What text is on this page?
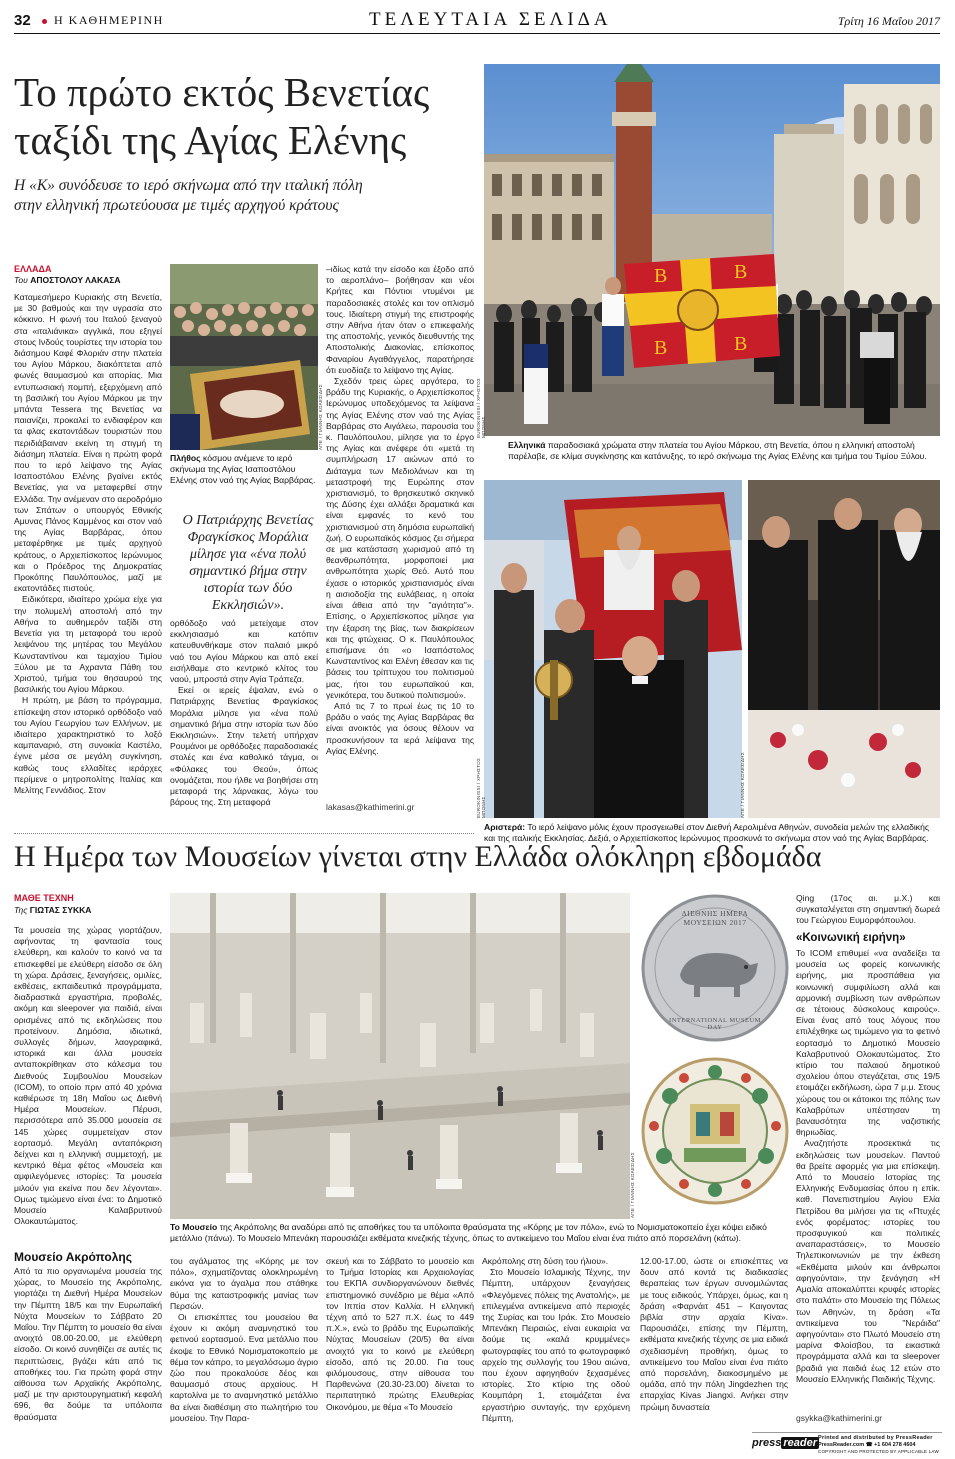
32 Η ΚΑΘΗΜΕΡΙΝΗ	ΤΕΛΕΥΤΑΙΑ ΣΕΛΙΔΑ	Τρίτη 16 Μαΐου 2017
Το πρώτο εκτός Βενετίας
ταξίδι της Αγίας Ελένης
Η «Κ» συνόδευσε το ιερό σκήνωμα από την ιταλική πόλη
στην ελληνική πρωτεύουσα με τιμές αρχηγού κράτους
B	B
B	B
EUROKINISSI / ΧΡΗΣΤΟΣ ΜΠΟΝΗΣ
Ελληνικά παραδοσιακά χρώματα στην πλατεία του Αγίου Μάρκου, στη Βενετία, όπου η ελληνική αποστολή παρέλαβε, σε κλίμα συγκίνησης και κατάνυξης, το ιερό σκήνωμα της Αγίας Ελένης και τμήμα του Τιμίου Ξύλου.
ΕΛΛΑΔΑ
Του ΑΠΟΣΤΟΛΟΥ ΛΑΚΑΣΑ

Καταμεσήμερο Κυριακής στη Βενετία, με 30 βαθμούς και την υγρασία στο κόκκινο. Η φωνή του Ιταλού ξεναγού στα «ιταλιάνικα» αγγλικά, που εξηγεί στους Ινδούς τουρίστες την ιστορία του διάσημου Καφέ Φλοριάν στην πλατεία του Αγίου Μάρκου, διακόπτεται από φωνές θαυμασμού και απορίας. Μια εντυπωσιακή πομπή, εξερχόμενη από τη βασιλική του Αγίου Μάρκου με την μπάντα Tessera της Βενετίας να παιανίζει, προκαλεί το ενδιαφέρον και τα φλας εκατοντάδων τουριστών που περιδιάβαιναν εκείνη τη στιγμή τη διάσημη πλατεία. Είναι η πρώτη φορά που το ιερό λείψανο της Αγίας Ισαποστόλου Ελένης βγαίνει εκτός Βενετίας, για να μεταφερθεί στην Ελλάδα. Την ανέμεναν στο αεροδρόμιο των Σπάτων ο υπουργός Εθνικής Αμυνας Πάνος Καμμένος και στον ναό της Αγίας Βαρβάρας, όπου μεταφέρθηκε με τιμές αρχηγού κράτους, ο Αρχιεπίσκοπος Ιερώνυμος και ο Πρόεδρος της Δημοκρατίας Προκόπης Παυλόπουλος, μαζί με εκατοντάδες πιστούς.

Ειδικότερα, ιδιαίτερο χρώμα είχε για την πολυμελή αποστολή από την Αθήνα το αυθημερόν ταξίδι στη Βενετία για τη μεταφορά του ιερού λειψάνου της μητέρας του Μεγάλου Κωνσταντίνου και τεμαχίου Τιμίου Ξύλου με τα Αχραντα Πάθη του Χριστού, τμήμα του θησαυρού της βασιλικής του Αγίου Μάρκου.

Η πρώτη, με βάση το πρόγραμμα, επίσκεψη στον ιστορικό ορθόδοξο ναό του Αγίου Γεωργίου των Ελλήνων, με ιδιαίτερο χαρακτηριστικό το λοξό καμπαναριό, στη συνοικία Καστέλο, έγινε μέσα σε μεγάλη συγκίνηση, καθώς τους ελλαδίτες ιεράρχες περίμενε ο μητροπολίτης Ιταλίας και Μελίτης Γεννάδιος. Στον

ΑΠΕ / ΓΙΑΝΝΗΣ ΚΟΛΕΣΙΔΗΣ
Πλήθος κόσμου ανέμενε το ιερό σκήνωμα της Αγίας Ισαποστόλου Ελένης στον ναό της Αγίας Βαρβάρας.
Ο Πατριάρχης Βενετίας Φραγκίσκος Μοράλια μίλησε για «ένα πολύ σημαντικό βήμα στην ιστορία των δύο Εκκλησιών».

ορθόδοξο ναό μετείχαμε στον εκκλησιασμό και κατόπιν κατευθυνθήκαμε στον παλαιό μικρό ναό του Αγίου Μάρκου και από εκεί εισήλθαμε στο κεντρικό κλίτος του ναού, μπροστά στην Αγία Τράπεζα.

Εκεί οι ιερείς έψαλαν, ενώ ο Πατριάρχης Βενετίας Φραγκίσκος Μοράλια μίλησε για «ένα πολύ σημαντικό βήμα στην ιστορία των δύο Εκκλησιών». Στην τελετή υπήρχαν Ρουμάνοι με ορθόδοξες παραδοσιακές στολές και ένα καθολικό τάγμα, οι «Φύλακες του Θεού», όπως ονομάζεται, που ήλθε να βοηθήσει στη μεταφορά της λάρνακας, λόγω του βάρους της. Στη μεταφορά

–ιδίως κατά την είσοδο και έξοδο από το αεροπλάνο– βοήθησαν και νέοι Κρήτες και Πόντιοι ντυμένοι με παραδοσιακές στολές και τον οπλισμό τους. Ιδιαίτερη στιγμή της επιστροφής στην Αθήνα ήταν όταν ο επικεφαλής της αποστολής, γενικός διευθυντής της Αποστολικής Διακονίας, επίσκοπος Φαναρίου Αγαθάγγελος, παρατήρησε ότι ευοδίαζε το λείψανο της Αγίας.

Σχεδόν τρεις ώρες αργότερα, το βράδυ της Κυριακής, ο Αρχιεπίσκοπος Ιερώνυμος υποδεχόμενος τα λείψανα της Αγίας Ελένης στον ναό της Αγίας Βαρβάρας στο Αιγάλεω, παρουσία του κ. Παυλόπουλου, μίλησε για το έργο της Αγίας και ανέφερε ότι «μετά τη συμπλήρωση 17 αιώνων από το Διάταγμα των Μεδιολάνων και τη μεταστροφή της Ευρώπης στον χριστιανισμό, το θρησκευτικό σκηνικό της Δύσης έχει αλλάξει δραματικά και είναι εμφανές το κενό του χριστιανισμού στη δημόσια ευρωπαϊκή ζωή. Ο ευρωπαϊκός κόσμος ζει σήμερα σε μια κατάσταση χωρισμού από τη θεανθρωπότητα, μορφοποιεί μια ανθρωπότητα χωρίς Θεό. Αυτό που έχασε ο ιστορικός χριστιανισμός είναι η αισιοδοξία της ευλάβειας, η οποία είναι άθεια από την "αγιότητα"». Επίσης, ο Αρχιεπίσκοπος μίλησε για την έξαρση της βίας, των διακρίσεων και της φτώχειας. Ο κ. Παυλόπουλος επισήμανε ότι «ο Ισαπόστολος Κωνσταντίνος και Ελένη έθεσαν και τις βάσεις του τρίπτυχου του πολιτισμού μας, ήτοι του ευρωπαϊκού και, γενικότερα, του δυτικού πολιτισμού».

Από τις 7 το πρωί έως τις 10 το βράδυ ο ναός της Αγίας Βαρβάρας θα είναι ανοικτός για όσους θέλουν να προσκυνήσουν τα ιερά λείψανα της Αγίας Ελένης.

lakasas@kathimerini.gr	EUROKINISSI / ΧΡΗΣΤΟΣ ΜΠΟΝΗΣ	ΑΠΕ / ΓΙΑΝΝΗΣ ΚΟΛΕΣΙΔΗΣ
Αριστερά: Το ιερό λείψανο μόλις έχουν προσγειωθεί στον Διεθνή Αερολιμένα Αθηνών, συνοδεία μελών της ελλαδικής και της ιταλικής Εκκλησίας. Δεξιά, ο Αρχιεπίσκοπος Ιερώνυμος προσκυνά το σκήνωμα στον ναό της Αγίας Βαρβάρας.
Η Ημέρα των Μουσείων γίνεται στην Ελλάδα ολόκληρη εβδομάδα
ΜΑΘΕ ΤΕΧΝΗ
Της ΓΙΩΤΑΣ ΣΥΚΚΑ

Τα μουσεία της χώρας γιορτάζουν, αφήνοντας τη φαντασία τους ελεύθερη, και καλούν το κοινό να τα επισκεφθεί με ελεύθερη είσοδο σε όλη τη χώρα. Δράσεις, ξεναγήσεις, ομιλίες, εκθέσεις, εκπαιδευτικά προγράμματα, διαδραστικά εργαστήρια, προβολές, ακόμη και sleepover για παιδιά, είναι ορισμένες από τις εκδηλώσεις που προτείνουν. Δημόσια, ιδιωτικά, συλλογές δήμων, λαογραφικά, ιστορικά και άλλα μουσεία ανταποκρίθηκαν στο κάλεσμα του Διεθνούς Συμβουλίου Μουσείων (ICOM), το οποίο πριν από 40 χρόνια καθιέρωσε τη 18η Μαΐου ως Διεθνή Ημέρα Μουσείων. Πέρυσι, περισσότερα από 35.000 μουσεία σε 145 χώρες συμμετείχαν στον εορτασμό. Μεγάλη ανταπόκριση δείχνει και η ελληνική συμμετοχή, με κεντρικό θέμα φέτος «Μουσεία και αμφιλεγόμενες ιστορίες: Τα μουσεία μιλούν για εκείνα που δεν λέγονται». Ομως τιμώμενο είναι ένα: το Δημοτικό Μουσείο Καλαβρυτινού Ολοκαυτώματος.

Μουσείο Ακρόπολης

Από τα πιο οργανωμένα μουσεία της χώρας, το Μουσείο της Ακρόπολης, γιορτάζει τη Διεθνή Ημέρα Μουσείων την Πέμπτη 18/5 και την Ευρωπαϊκή Νύχτα Μουσείων το Σάββατο 20 Μαΐου. Την Πέμπτη το μουσείο θα είναι ανοιχτό 08.00-20.00, με ελεύθερη είσοδο. Οι κοινό συνηθίζει σε αυτές τις περιπτώσεις, βγάζει κάτι από τις αποθήκες του. Για πρώτη φορά στην αίθουσα των Αρχαϊκής Ακρόπολης, μαζί με την αριστουργηματική κεφαλή 696, θα δούμε τα υπόλοιπα θραύσματα

ΑΠΕ / ΓΙΑΝΝΗΣ ΚΟΛΕΣΙΔΗΣ
ΔΙΕΘΝΗΣ ΗΜΕΡΑ ΜΟΥΣΕΙΩΝ 2017
INTERNATIONAL MUSEUM DAY
Το Μουσείο της Ακρόπολης θα αναδύρει από τις αποθήκες του τα υπόλοιπα θραύσματα της «Κόρης με τον πόλο», ενώ το Νομισματοκοπείο έχει κόψει ειδικό μετάλλιο (πάνω). Το Μουσείο Μπενάκη παρουσιάζει εκθέματα κινεζικής τέχνης, όπως το αντικείμενο του Μαΐου είναι ένα πιάτο από πορσελάνη (κάτω).

του αγάλματος της «Κόρης με τον πόλο», σχηματίζοντας ολοκληρωμένη εικόνα για το άγαλμα που στάθηκε θύμα της καταστροφικής μανίας των Περσών.

Οι επισκέπτες του μουσείου θα έχουν κι ακόμη αναμνηστικό του φετινού εορτασμού. Ενα μετάλλιο που έκοψε το Εθνικό Νομισματοκοπείο με θέμα τον κάπρο, το μεγαλόσωμο άγριο ζώο που προκαλούσε δέος και θαυμασμό στους αρχαίους. Η καρτολίνα με το αναμνηστικό μετάλλιο θα είναι διαθέσιμη στο πωλητήριο του μουσείου. Την Παρα-

σκευή και το Σάββατο το μουσείο και το Τμήμα Ιστορίας και Αρχαιολογίας του ΕΚΠΑ συνδιοργανώνουν διεθνές επιστημονικό συνέδριο με θέμα «Από τον Ιππία στον Καλλία. Η ελληνική τέχνη από το 527 π.Χ. έως το 449 π.Χ.», ενώ το βράδυ της Ευρωπαϊκής Νύχτας Μουσείων (20/5) θα είναι ανοιχτό για το κοινό με ελεύθερη είσοδο, από τις 20.00. Για τους φιλόμουσους, στην αίθουσα του Παρθενώνα (20.30-23.00) δίνεται το περιπατητικό πρώτης Ελευθερίας Οικονόμου, με θέμα «Το Μουσείο

Ακρόπολης στη δύση του ήλιου».

Στο Μουσείο Ισλαμικής Τέχνης, την Πέμπτη, υπάρχουν ξεναγήσεις «Φλεγόμενες πόλεις της Ανατολής», με επιλεγμένα αντικείμενα από περιοχές της Συρίας και του Ιράκ. Στο Μουσείο Μπενάκη Πειραιώς, είναι ευκαιρία να δούμε τις «καλά κρυμμένες» φωτογραφίες του από το φωτογραφικό αρχείο της συλλογής του 19ου αιώνα, που έχουν αφηγηθούν ξεχασμένες ιστορίες. Στο κτίριο της οδού Κουμπάρη 1, ετοιμάζεται ένα εργαστήριο συνταγής, την ερχόμενη Πέμπτη,

12.00-17.00, ώστε οι επισκέπτες να δουν από κοντά τις διαδικασίες θεραπείας των έργων συνομιλώντας με τους ειδικούς. Υπάρχει, όμως, και η δράση «Φαρνάιτ 451 – Καιγοντας βιβλία στην αρχαία Κίνα». Παρουσιάζει, επίσης την Πέμπτη, εκθέματα κινεζικής τέχνης σε μια ειδικά σχεδιασμένη προθήκη, όμως το αντικείμενο του Μαΐου είναι ένα πιάτο από πορσελάνη, διακοσμημένο με ομάδα, από την πόλη Jingdezhen της επαρχίας Kivas Jiangxi. Ανήκει στην πρώιμη δυναστεία

Qing (17ος αι. μ.Χ.) και συγκαταλέγεται στη σημαντική δωρεά του Γεώργιου Ευμορφόπουλου.

«Κοινωνική ειρήνη»

Το ICOM επιθυμεί «να αναδείξει τα μουσεία ως φορείς κοινωνικής ειρήνης, μια προσπάθεια για κοινωνική συμφιλίωση αλλά και αρμονική συμβίωση των ανθρώπων σε τέτοιους δύσκολους καιρούς». Είναι ένας από τους λόγους που επιλέχθηκε ως τιμώμενο για το φετινό εορτασμό το Δημοτικό Μουσείο Καλαβρυτινού Ολοκαυτώματος. Στο κτίριο του παλαιού δημοτικού σχολείου όπου στεγάζεται, στις 19/5 ετοιμάζει εκδήλωση, ώρα 7 μ.μ. Στους χώρους του οι κάτοικοι της πόλης των Καλαβρύτων υπέστησαν τη βαναυσότητα της ναζιστικής θηριωδίας.

Αναζητήστε προσεκτικά τις εκδηλώσεις των μουσείων. Παντού θα βρείτε αφορμές για μια επίσκεψη. Από το Μουσείο Ιστορίας της Ελληνικής Ενδυμασίας όπου η επίκ. καθ. Πανεπιστημίου Αιγίου Ελία Πετρίδου θα μιλήσει για τις «Πτυχές ενός φορέματος: ιστορίες του προσφυγικού και πολιτικές αναπαραστάσεις», το Μουσείο Τηλεπικοινωνιών με την έκθεση «Εκθέματα μιλούν και άνθρωποι αφηγούνται», την ξενάγηση «Η Αμαλία αποκαλύπτει κρυφές ιστορίες στο παλάτι» στο Μουσείο της Πόλεως των Αθηνών, τη δράση «Τα αντικείμενα του "Νεράιδα" αφηγούνται» στο Πλωτό Μουσείο στη μαρίνα Φλοίσβου, τα εικαστικά προγράμματα αλλά και τα sleepover βραδιά για παιδιά έως 12 ετών στο Μουσείο Ελληνικής Παιδικής Τέχνης.

gsykka@kathimerini.gr
press reader Printed and distributed by PressReader
PressReader.com ☎ +1 604 278 4604
COPYRIGHT AND PROTECTED BY APPLICABLE LAW
